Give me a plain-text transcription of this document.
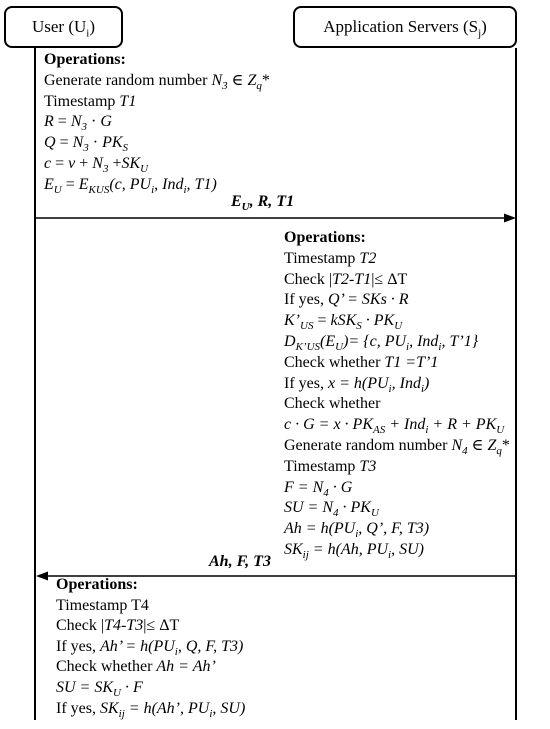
User $(U_i)$	Application Servers $(S_j)$
$E_U$, R, T1
Ah, F, T3
Operations:
Generate random number $N_3$ ∈ $Z_q*$
Timestamp T1
$R = N_3 \cdot G$
$Q = N_3 \cdot PK_S$
$c = v + N_3 +SK_U$
$E_U = E_{KUS}(c$, $PU_i$, Ind$_i$, T1)
Operations:
Timestamp T2
Check |T2-T1|≤ ΔT
If yes, Q’ = SKs · R
$K’_{US} = kSK_S \cdot PK_U$
$D_{K’US}(E_U)= \{c$, $PU_i$, Ind$_i$, T’1}
Check whether T1 =T’1
If yes, $x = h(PU_i$, Ind$_i$)
Check whether
$c \cdot G = x \cdot PK_{AS} + Ind_i + R + PK_U$
Generate random number $N_4$ ∈ $Z_q*$
Timestamp T3
$F = N_4 \cdot G$
SU = $N_4 \cdot PK_U$
$Ah = h(PU_i$, Q’, F, T3)
$SK_{ij} = h(Ah$, $PU_i$, SU)
Operations:
Timestamp T4
Check |T4-T3|≤ ΔT
If yes, Ah’ = $h(PU_i$, Q, F, T3)
Check whether Ah = Ah’
SU = $SK_U \cdot F$
If yes, $SK_{ij} = h(Ah$’, $PU_i$, SU)
